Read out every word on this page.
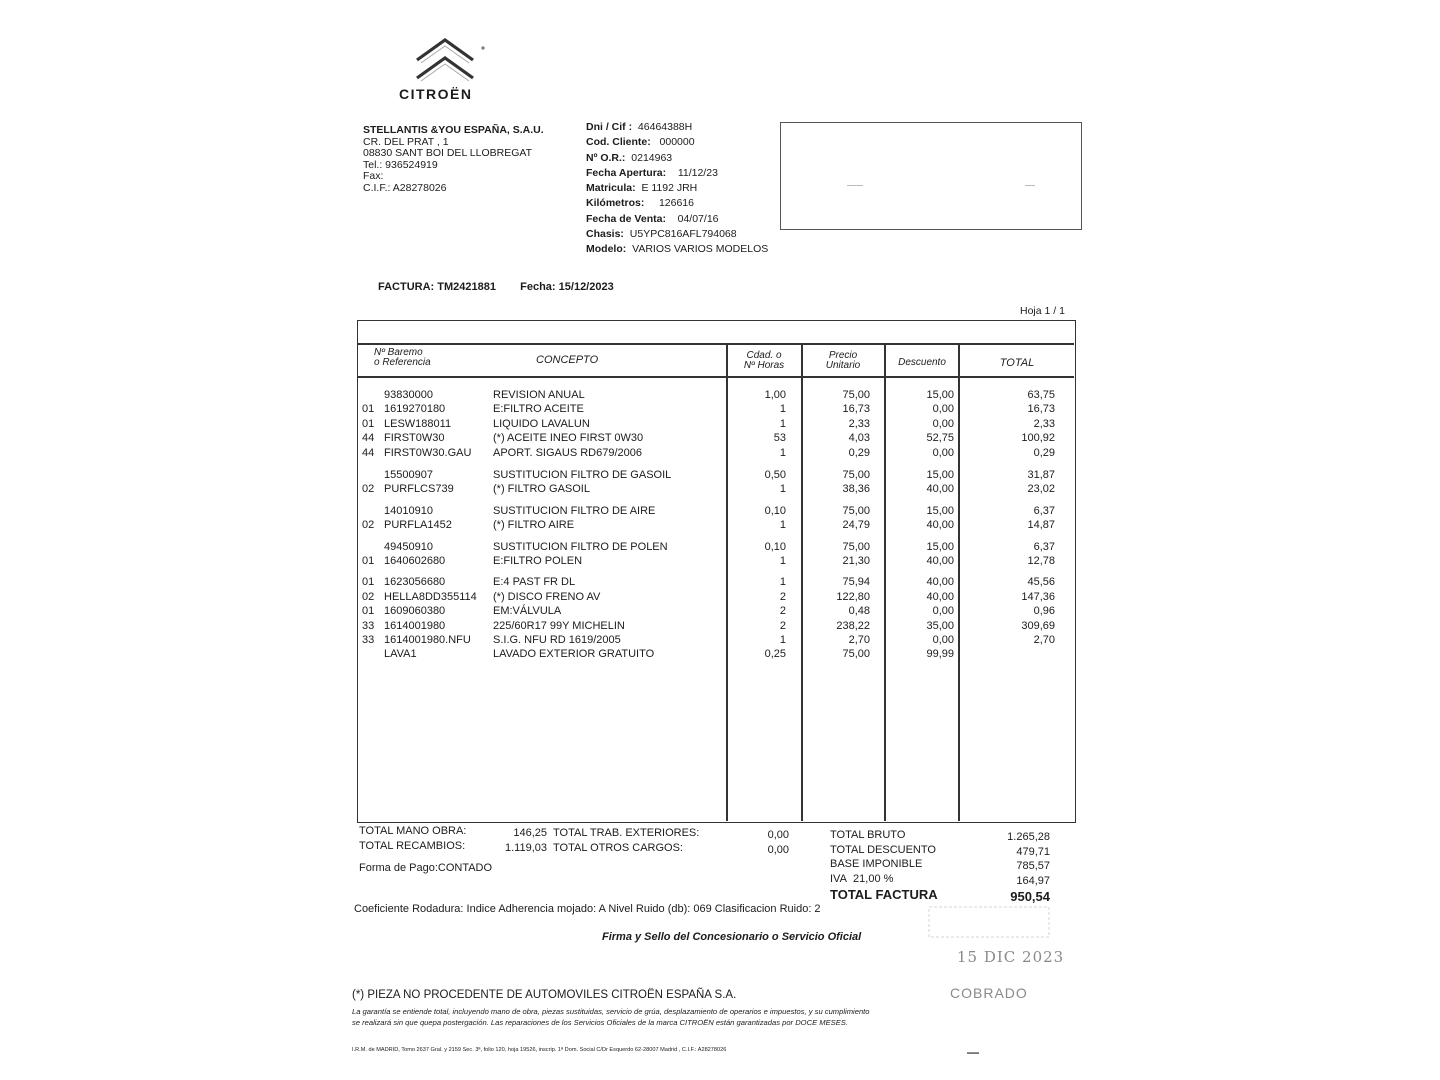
CITROËN
STELLANTIS &YOU ESPAÑA, S.A.U.
CR. DEL PRAT , 1
08830 SANT BOI DEL LLOBREGAT
Tel.: 936524919
Fax:
C.I.F.: A28278026
Dni / Cif : 46464388H
Cod. Cliente: 000000
Nº O.R.: 0214963
Fecha Apertura: 11/12/23
Matricula: E 1192 JRH
Kilómetros: 126616
Fecha de Venta: 04/07/16
Chasis: U5YPC816AFL794068
Modelo: VARIOS VARIOS MODELOS
FACTURA: TM2421881 Fecha: 15/12/2023
Hoja 1 / 1
Nº Baremo
o Referencia	CONCEPTO	Cdad. o
Nº Horas
Precio
Unitario	Descuento	TOTAL
93830000	REVISION ANUAL	1,00	75,00	15,00	63,75
01 1619270180	E:FILTRO ACEITE	1	16,73	0,00	16,73
01 LESW188011	LIQUIDO LAVALUN	1	2,33	0,00	2,33
44 FIRST0W30	(*) ACEITE INEO FIRST 0W30	53	4,03	52,75	100,92
44 FIRST0W30.GAU	APORT. SIGAUS RD679/2006	1	0,29	0,00	0,29
15500907	SUSTITUCION FILTRO DE GASOIL	0,50	75,00	15,00	31,87
02 PURFLCS739	(*) FILTRO GASOIL	1	38,36	40,00	23,02
14010910	SUSTITUCION FILTRO DE AIRE	0,10	75,00	15,00	6,37
02 PURFLA1452	(*) FILTRO AIRE	1	24,79	40,00	14,87
49450910	SUSTITUCION FILTRO DE POLEN	0,10	75,00	15,00	6,37
01 1640602680	E:FILTRO POLEN	1	21,30	40,00	12,78
01 1623056680	E:4 PAST FR DL	1	75,94	40,00	45,56
02 HELLA8DD355114	(*) DISCO FRENO AV	2	122,80	40,00	147,36
01 1609060380	EM:VÁLVULA	2	0,48	0,00	0,96
33 1614001980	225/60R17 99Y MICHELIN	2	238,22	35,00	309,69
33 1614001980.NFU	S.I.G. NFU RD 1619/2005	1	2,70	0,00	2,70
LAVA1	LAVADO EXTERIOR GRATUITO	0,25	75,00	99,99
TOTAL MANO OBRA:	146,25
TOTAL RECAMBIOS:	1.119,03
TOTAL TRAB. EXTERIORES:	0,00
TOTAL OTROS CARGOS:	0,00
Forma de Pago:CONTADO
TOTAL BRUTO	1.265,28
TOTAL DESCUENTO	479,71
BASE IMPONIBLE	785,57
IVA 21,00 %	164,97
TOTAL FACTURA	950,54
Coeficiente Rodadura: Indice Adherencia mojado: A Nivel Ruido (db): 069 Clasificacion Ruido: 2
Firma y Sello del Concesionario o Servicio Oficial
15 DIC 2023
COBRADO
(*) PIEZA NO PROCEDENTE DE AUTOMOVILES CITROËN ESPAÑA S.A.
La garantía se entiende total, incluyendo mano de obra, piezas sustituidas, servicio de grúa, desplazamiento de operarios e impuestos, y su cumplimiento se realizará sin que quepa postergación. Las reparaciones de los Servicios Oficiales de la marca CITROËN están garantizadas por DOCE MESES.
I.R.M. de MADRID, Tomo 2637 Gral. y 2159 Sec. 3ª, folio 120, hoja 19526, inscrip. 1ª Dom. Social C/Dr Esquerdo 62-28007 Madrid , C.I.F.: A28278026	▬▬
